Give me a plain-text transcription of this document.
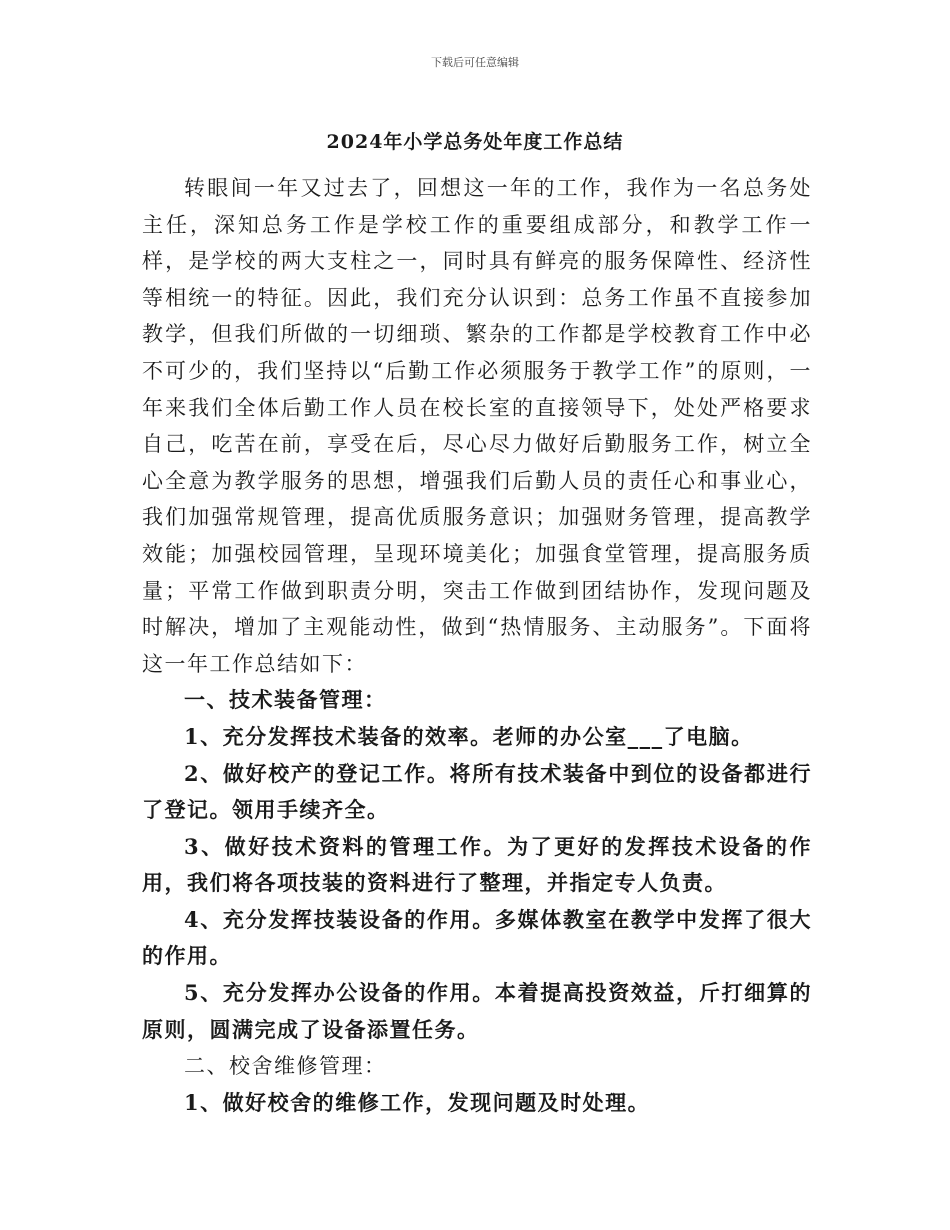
下载后可任意编辑
2024年小学总务处年度工作总结

转眼间一年又过去了，回想这一年的工作，我作为一名总务处主任，深知总务工作是学校工作的重要组成部分，和教学工作一样，是学校的两大支柱之一，同时具有鲜亮的服务保障性、经济性等相统一的特征。因此，我们充分认识到：总务工作虽不直接参加教学，但我们所做的一切细琐、繁杂的工作都是学校教育工作中必不可少的，我们坚持以“后勤工作必须服务于教学工作”的原则，一年来我们全体后勤工作人员在校长室的直接领导下，处处严格要求自己，吃苦在前，享受在后，尽心尽力做好后勤服务工作，树立全心全意为教学服务的思想，增强我们后勤人员的责任心和事业心，我们加强常规管理，提高优质服务意识；加强财务管理，提高教学效能；加强校园管理，呈现环境美化；加强食堂管理，提高服务质量；平常工作做到职责分明，突击工作做到团结协作，发现问题及时解决，增加了主观能动性，做到“热情服务、主动服务”。下面将这一年工作总结如下：

一、技术装备管理：

1、充分发挥技术装备的效率。老师的办公室___了电脑。

2、做好校产的登记工作。将所有技术装备中到位的设备都进行了登记。领用手续齐全。

3、做好技术资料的管理工作。为了更好的发挥技术设备的作用，我们将各项技装的资料进行了整理，并指定专人负责。

4、充分发挥技装设备的作用。多媒体教室在教学中发挥了很大的作用。

5、充分发挥办公设备的作用。本着提高投资效益，斤打细算的原则，圆满完成了设备添置任务。

二、校舍维修管理：

1、做好校舍的维修工作，发现问题及时处理。
